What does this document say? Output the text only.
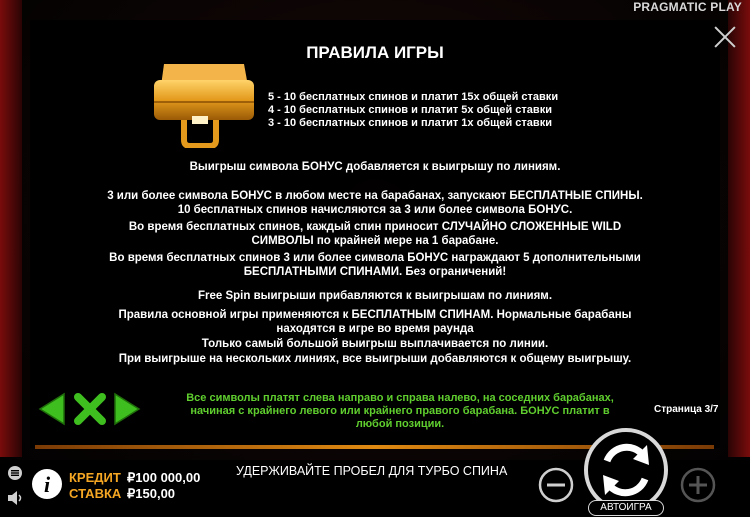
PRAGMATIC PLAY
ПРАВИЛА ИГРЫ
5 - 10 бесплатных спинов и платит 15x общей ставки
4 - 10 бесплатных спинов и платит 5x общей ставки
3 - 10 бесплатных спинов и платит 1x общей ставки
Выигрыш символа БОНУС добавляется к выигрышу по линиям.
3 или более символа БОНУС в любом месте на барабанах, запускают БЕСПЛАТНЫЕ СПИНЫ.
10 бесплатных спинов начисляются за 3 или более символа БОНУС.
Во время бесплатных спинов, каждый спин приносит СЛУЧАЙНО СЛОЖЕННЫЕ WILD
СИМВОЛЫ по крайней мере на 1 барабане.
Во время бесплатных спинов 3 или более символа БОНУС награждают 5 дополнительными
БЕСПЛАТНЫМИ СПИНАМИ. Без ограничений!
Free Spin выигрыши прибавляются к выигрышам по линиям.
Правила основной игры применяются к БЕСПЛАТНЫМ СПИНАМ. Нормальные барабаны
находятся в игре во время раунда
Только самый большой выигрыш выплачивается по линии.
При выигрыше на нескольких линиях, все выигрыши добавляются к общему выигрышу.
Все символы платят слева направо и справа налево, на соседних барабанах,
начиная с крайнего левого или крайнего правого барабана. БОНУС платит в
любой позиции.
Страница 3/7
i КРЕДИТ ₽100 000,00
СТАВКА ₽150,00
УДЕРЖИВАЙТЕ ПРОБЕЛ ДЛЯ ТУРБО СПИНА
АВТОИГРА
